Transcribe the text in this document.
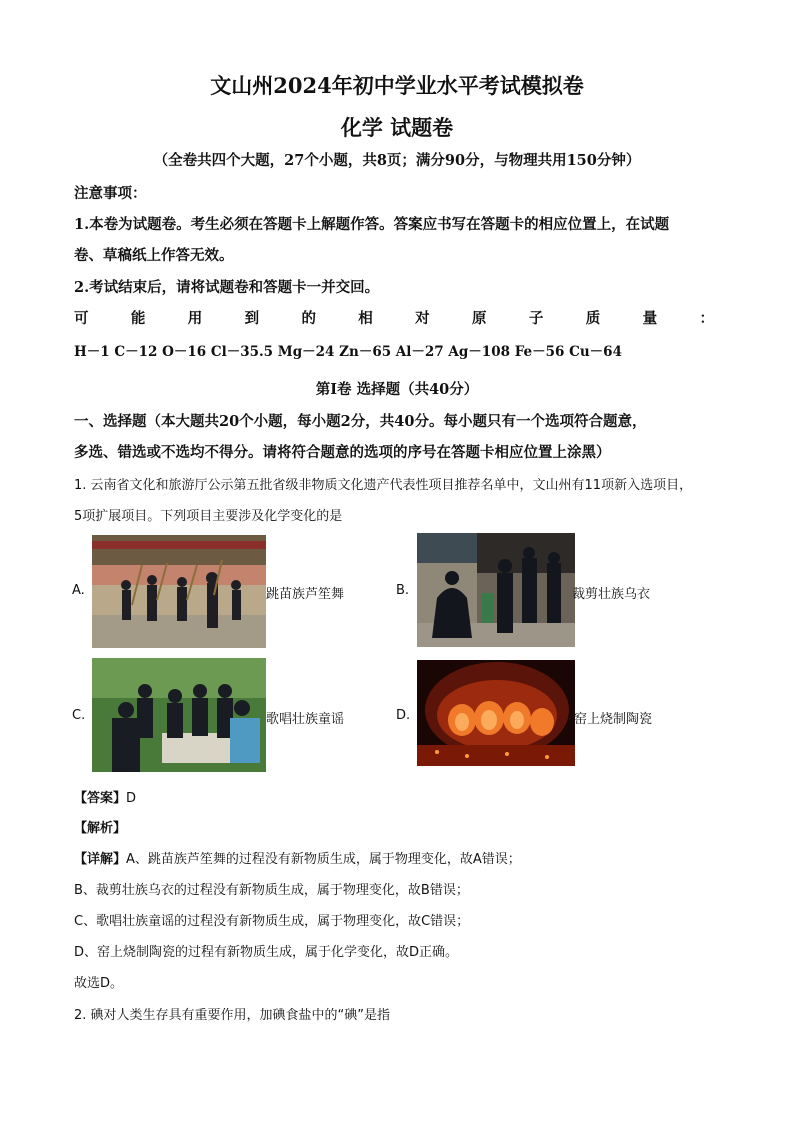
文山州2024年初中学业水平考试模拟卷
化学 试题卷
（全卷共四个大题，27个小题，共8页；满分90分，与物理共用150分钟）
注意事项：
1.本卷为试题卷。考生必须在答题卡上解题作答。答案应书写在答题卡的相应位置上，在试题
卷、草稿纸上作答无效。
2.考试结束后，请将试题卷和答题卡一并交回。
可	能	用	到	的	相	对	原	子	质	量	：
H－1 C－12 O－16 Cl－35.5 Mg－24 Zn－65 Al－27 Ag－108 Fe－56 Cu－64
第Ⅰ卷 选择题（共40分）
一、选择题（本大题共20个小题，每小题2分，共40分。每小题只有一个选项符合题意，
多选、错选或不选均不得分。请将符合题意的选项的序号在答题卡相应位置上涂黑）
1. 云南省文化和旅游厅公示第五批省级非物质文化遗产代表性项目推荐名单中，文山州有11项新入选项目，
5项扩展项目。下列项目主要涉及化学变化的是
A.	跳苗族芦笙舞	B.	裁剪壮族乌衣
C.	歌唱壮族童谣	D.	窑上烧制陶瓷
【答案】D
【解析】
【详解】A、跳苗族芦笙舞的过程没有新物质生成，属于物理变化，故A错误；
B、裁剪壮族乌衣的过程没有新物质生成，属于物理变化，故B错误；
C、歌唱壮族童谣的过程没有新物质生成，属于物理变化，故C错误；
D、窑上烧制陶瓷的过程有新物质生成，属于化学变化，故D正确。
故选D。
2. 碘对人类生存具有重要作用，加碘食盐中的“碘”是指
